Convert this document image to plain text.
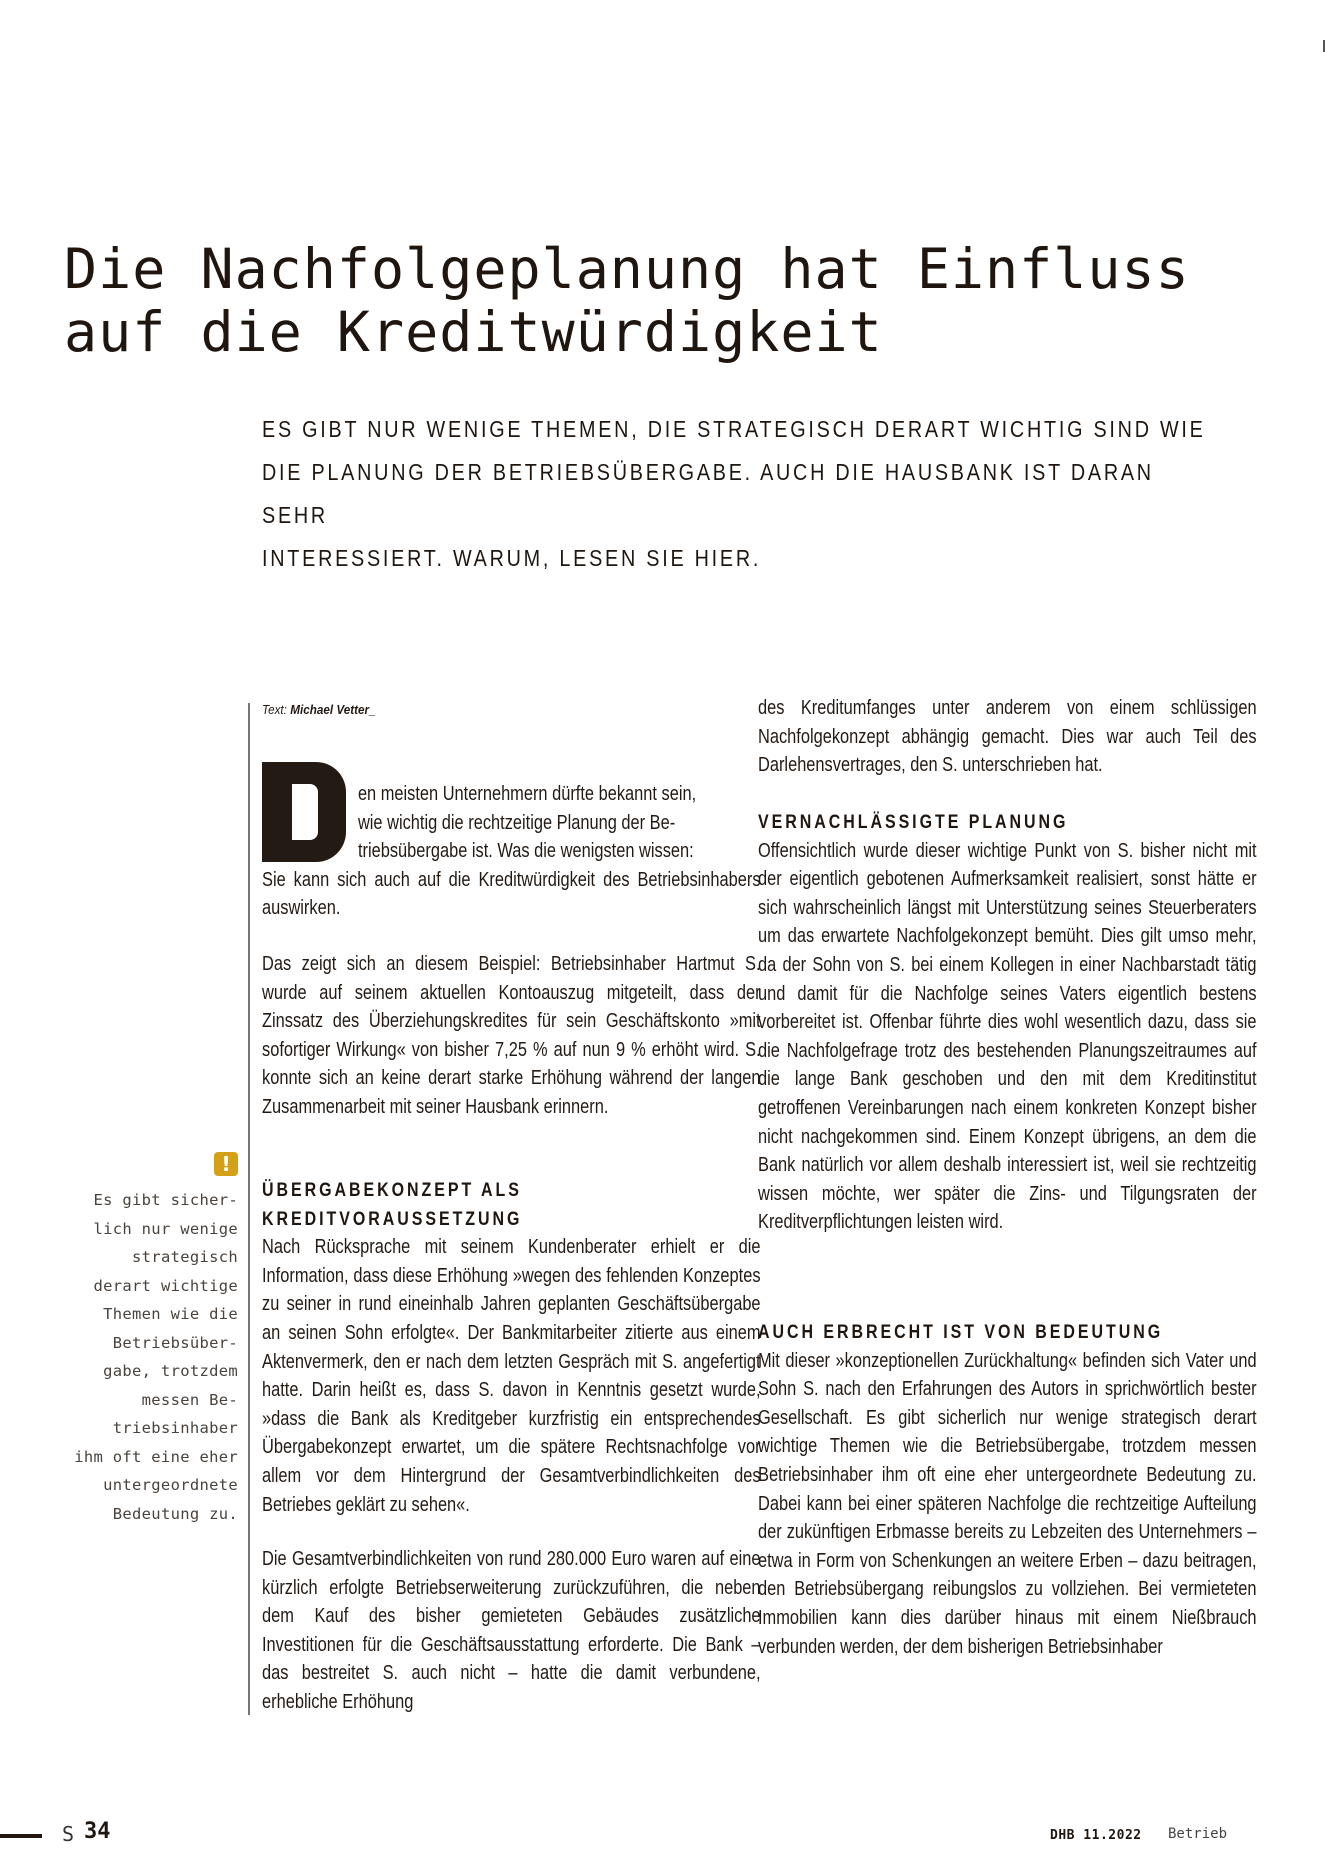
Die Nachfolgeplanung hat Einfluss
auf die Kreditwürdigkeit
ES GIBT NUR WENIGE THEMEN, DIE STRATEGISCH DERART WICHTIG SIND WIE
DIE PLANUNG DER BETRIEBSÜBERGABE. AUCH DIE HAUSBANK IST DARAN SEHR
INTERESSIERT. WARUM, LESEN SIE HIER.
Text: Michael Vetter_
en meisten Unternehmern dürfte bekannt sein,
wie wichtig die rechtzeitige Planung der Be-
triebsübergabe ist. Was die wenigsten wissen:

Sie kann sich auch auf die Kreditwürdigkeit des Betriebsinhabers auswirken.

Das zeigt sich an diesem Beispiel: Betriebsinhaber Hartmut S. wurde auf seinem aktuellen Kontoauszug mitgeteilt, dass der Zinssatz des Überziehungskredites für sein Geschäftskonto »mit sofortiger Wirkung« von bisher 7,25 % auf nun 9 % erhöht wird. S. konnte sich an keine derart starke Erhöhung während der langen Zusammenarbeit mit seiner Hausbank erinnern.

ÜBERGABEKONZEPT ALS KREDITVORAUSSETZUNG

Nach Rücksprache mit seinem Kundenberater erhielt er die Information, dass diese Erhöhung »wegen des fehlenden Konzeptes zu seiner in rund eineinhalb Jahren geplanten Geschäftsübergabe an seinen Sohn erfolgte«. Der Bankmitarbeiter zitierte aus einem Aktenvermerk, den er nach dem letzten Gespräch mit S. angefertigt hatte. Darin heißt es, dass S. davon in Kenntnis gesetzt wurde, »dass die Bank als Kreditgeber kurzfristig ein entsprechendes Übergabekonzept erwartet, um die spätere Rechtsnachfolge vor allem vor dem Hintergrund der Gesamtverbindlichkeiten des Betriebes geklärt zu sehen«.

Die Gesamtverbindlichkeiten von rund 280.000 Euro waren auf eine kürzlich erfolgte Betriebserweiterung zurückzuführen, die neben dem Kauf des bisher gemieteten Gebäudes zusätzliche Investitionen für die Geschäftsausstattung erforderte. Die Bank – das bestreitet S. auch nicht – hatte die damit verbundene, erhebliche Erhöhung

des Kreditumfanges unter anderem von einem schlüssigen Nachfolgekonzept abhängig gemacht. Dies war auch Teil des Darlehensvertrages, den S. unterschrieben hat.

VERNACHLÄSSIGTE PLANUNG

Offensichtlich wurde dieser wichtige Punkt von S. bisher nicht mit der eigentlich gebotenen Aufmerksamkeit realisiert, sonst hätte er sich wahrscheinlich längst mit Unterstützung seines Steuerberaters um das erwartete Nachfolgekonzept bemüht. Dies gilt umso mehr, da der Sohn von S. bei einem Kollegen in einer Nachbarstadt tätig und damit für die Nachfolge seines Vaters eigentlich bestens vorbereitet ist. Offenbar führte dies wohl wesentlich dazu, dass sie die Nachfolgefrage trotz des bestehenden Planungszeitraumes auf die lange Bank geschoben und den mit dem Kreditinstitut getroffenen Vereinbarungen nach einem konkreten Konzept bisher nicht nachgekommen sind. Einem Konzept übrigens, an dem die Bank natürlich vor allem deshalb interessiert ist, weil sie rechtzeitig wissen möchte, wer später die Zins- und Tilgungsraten der Kreditverpflichtungen leisten wird.

AUCH ERBRECHT IST VON BEDEUTUNG

Mit dieser »konzeptionellen Zurückhaltung« befinden sich Vater und Sohn S. nach den Erfahrungen des Autors in sprichwörtlich bester Gesellschaft. Es gibt sicherlich nur wenige strategisch derart wichtige Themen wie die Betriebsübergabe, trotzdem messen Betriebsinhaber ihm oft eine eher untergeordnete Bedeutung zu. Dabei kann bei einer späteren Nachfolge die rechtzeitige Aufteilung der zukünftigen Erbmasse bereits zu Lebzeiten des Unternehmers – etwa in Form von Schenkungen an weitere Erben – dazu beitragen, den Betriebsübergang reibungslos zu vollziehen. Bei vermieteten Immobilien kann dies darüber hinaus mit einem Nießbrauch verbunden werden, der dem bisherigen Betriebsinhaber

!
Es gibt sicher-
lich nur wenige
strategisch
derart wichtige
Themen wie die
Betriebsüber-
gabe, trotzdem
messen Be-
triebsinhaber
ihm oft eine eher
untergeordnete
Bedeutung zu.
S 34	DHB 11.2022 Betrieb
